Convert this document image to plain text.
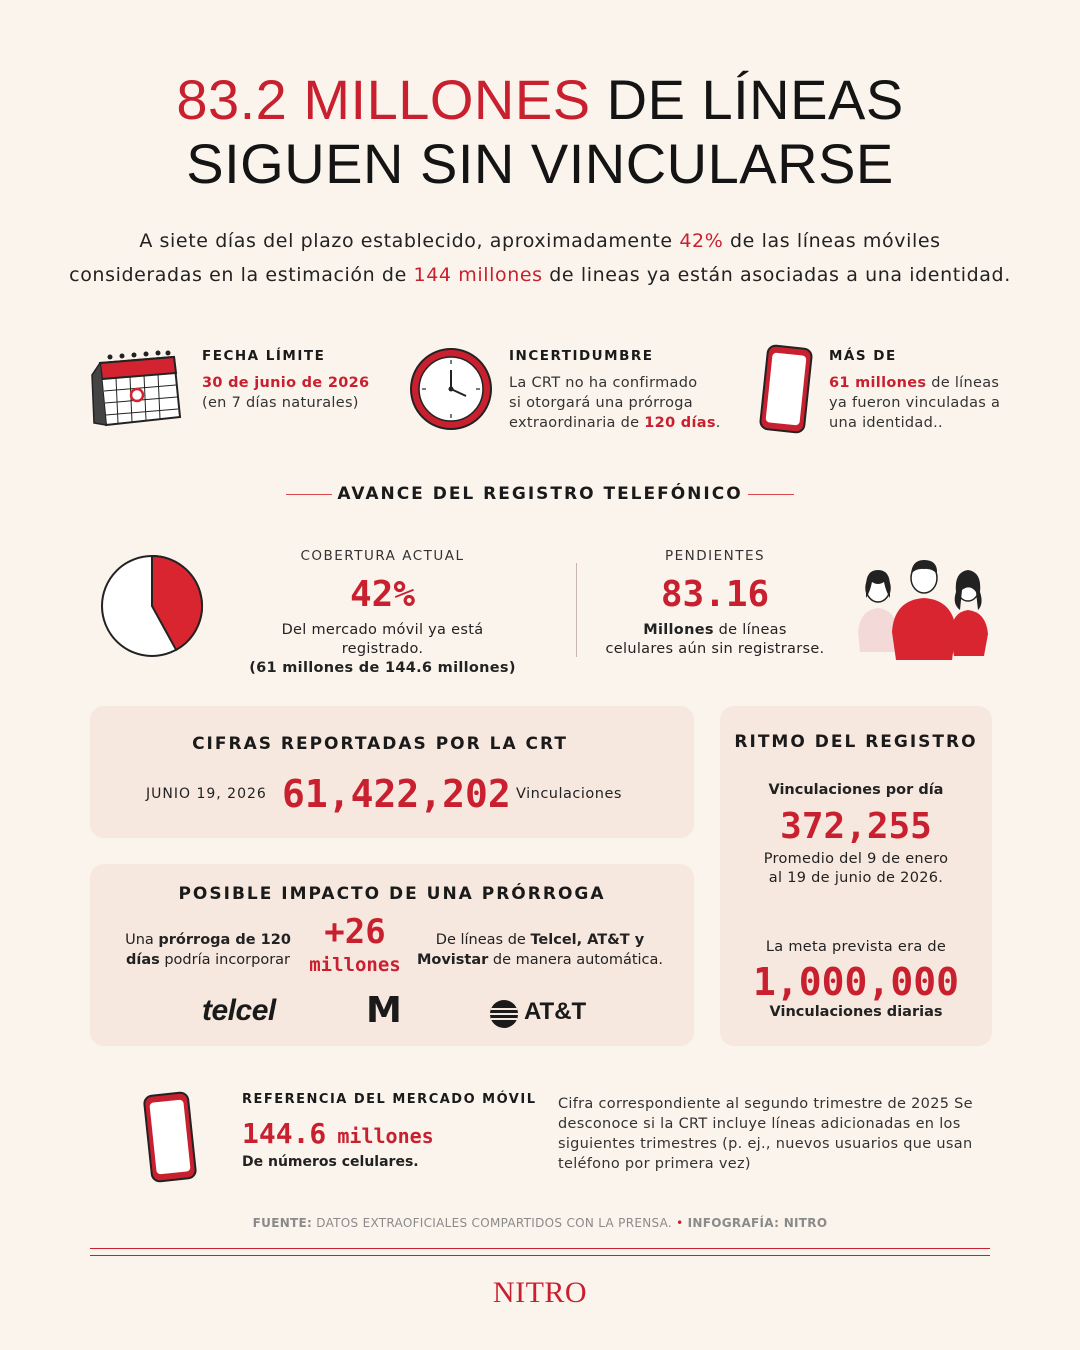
83.2 MILLONES DE LÍNEAS
SIGUEN SIN VINCULARSE
A siete días del plazo establecido, aproximadamente 42% de las líneas móviles
consideradas en la estimación de 144 millones de lineas ya están asociadas a una identidad.
FECHA LÍMITE
30 de junio de 2026
(en 7 días naturales)
INCERTIDUMBRE
La CRT no ha confirmado
si otorgará una prórroga
extraordinaria de 120 días.
MÁS DE
61 millones de líneas
ya fueron vinculadas a
una identidad..
AVANCE DEL REGISTRO TELEFÓNICO
COBERTURA ACTUAL
42%
Del mercado móvil ya está registrado.
(61 millones de 144.6 millones)
PENDIENTES
83.16
Millones de líneas
celulares aún sin registrarse.
CIFRAS REPORTADAS POR LA CRT
JUNIO 19, 2026 61,422,202 Vinculaciones
POSIBLE IMPACTO DE UNA PRÓRROGA
Una prórroga de 120
días podría incorporar
+26
millones
De líneas de Telcel, AT&T y
Movistar de manera automática.
telcel	M	AT&T
RITMO DEL REGISTRO
Vinculaciones por día
372,255
Promedio del 9 de enero
al 19 de junio de 2026.
La meta prevista era de
1,000,000
Vinculaciones diarias
REFERENCIA DEL MERCADO MÓVIL
144.6 millones
De números celulares.
Cifra correspondiente al segundo trimestre de 2025 Se
desconoce si la CRT incluye líneas adicionadas en los
siguientes trimestres (p. ej., nuevos usuarios que usan
teléfono por primera vez)
FUENTE: DATOS EXTRAOFICIALES COMPARTIDOS CON LA PRENSA. • INFOGRAFÍA: NITRO
NITRO
